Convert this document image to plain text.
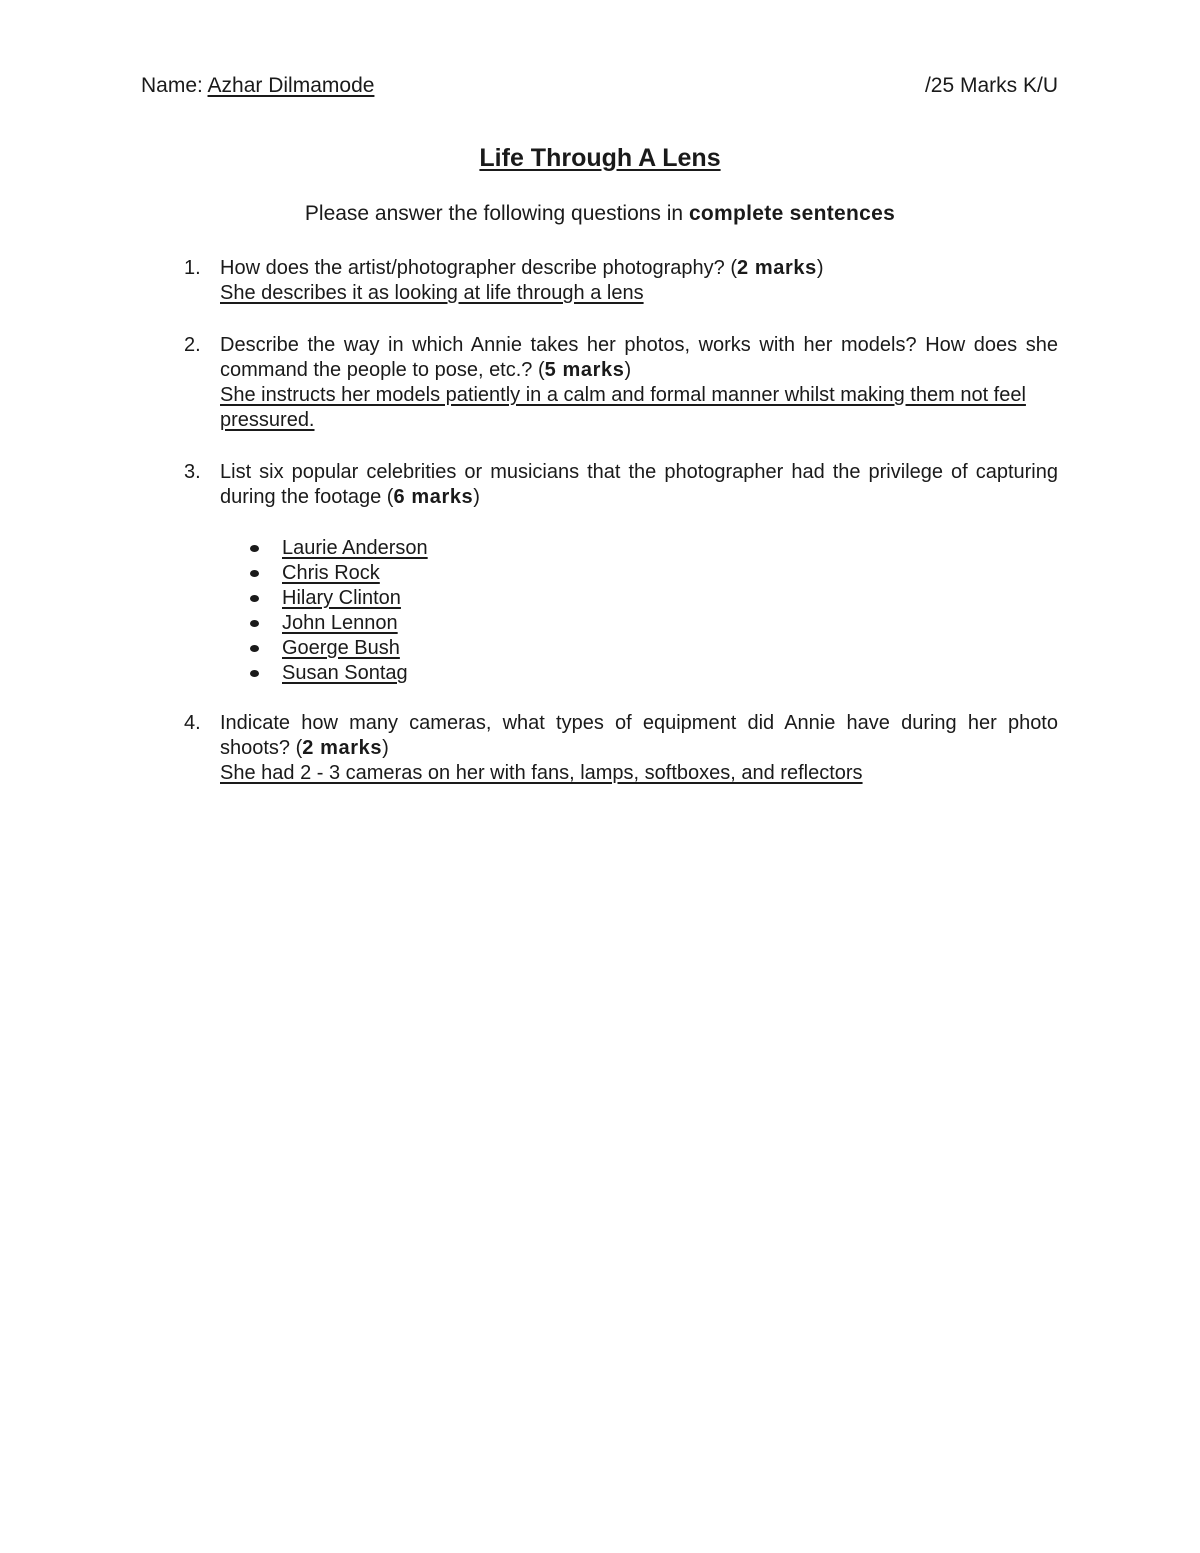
Name: Azhar Dilmamode	/25 Marks K/U
Life Through A Lens
Please answer the following questions in complete sentences
1. How does the artist/photographer describe photography? (2 marks)
She describes it as looking at life through a lens
2. Describe the way in which Annie takes her photos, works with her models? How does she command the people to pose, etc.? (5 marks)
She instructs her models patiently in a calm and formal manner whilst making them not feel pressured.
3. List six popular celebrities or musicians that the photographer had the privilege of capturing during the footage (6 marks)
Laurie Anderson
Chris Rock
Hilary Clinton
John Lennon
Goerge Bush
Susan Sontag
4. Indicate how many cameras, what types of equipment did Annie have during her photo shoots? (2 marks)
She had 2 - 3 cameras on her with fans, lamps, softboxes, and reflectors
